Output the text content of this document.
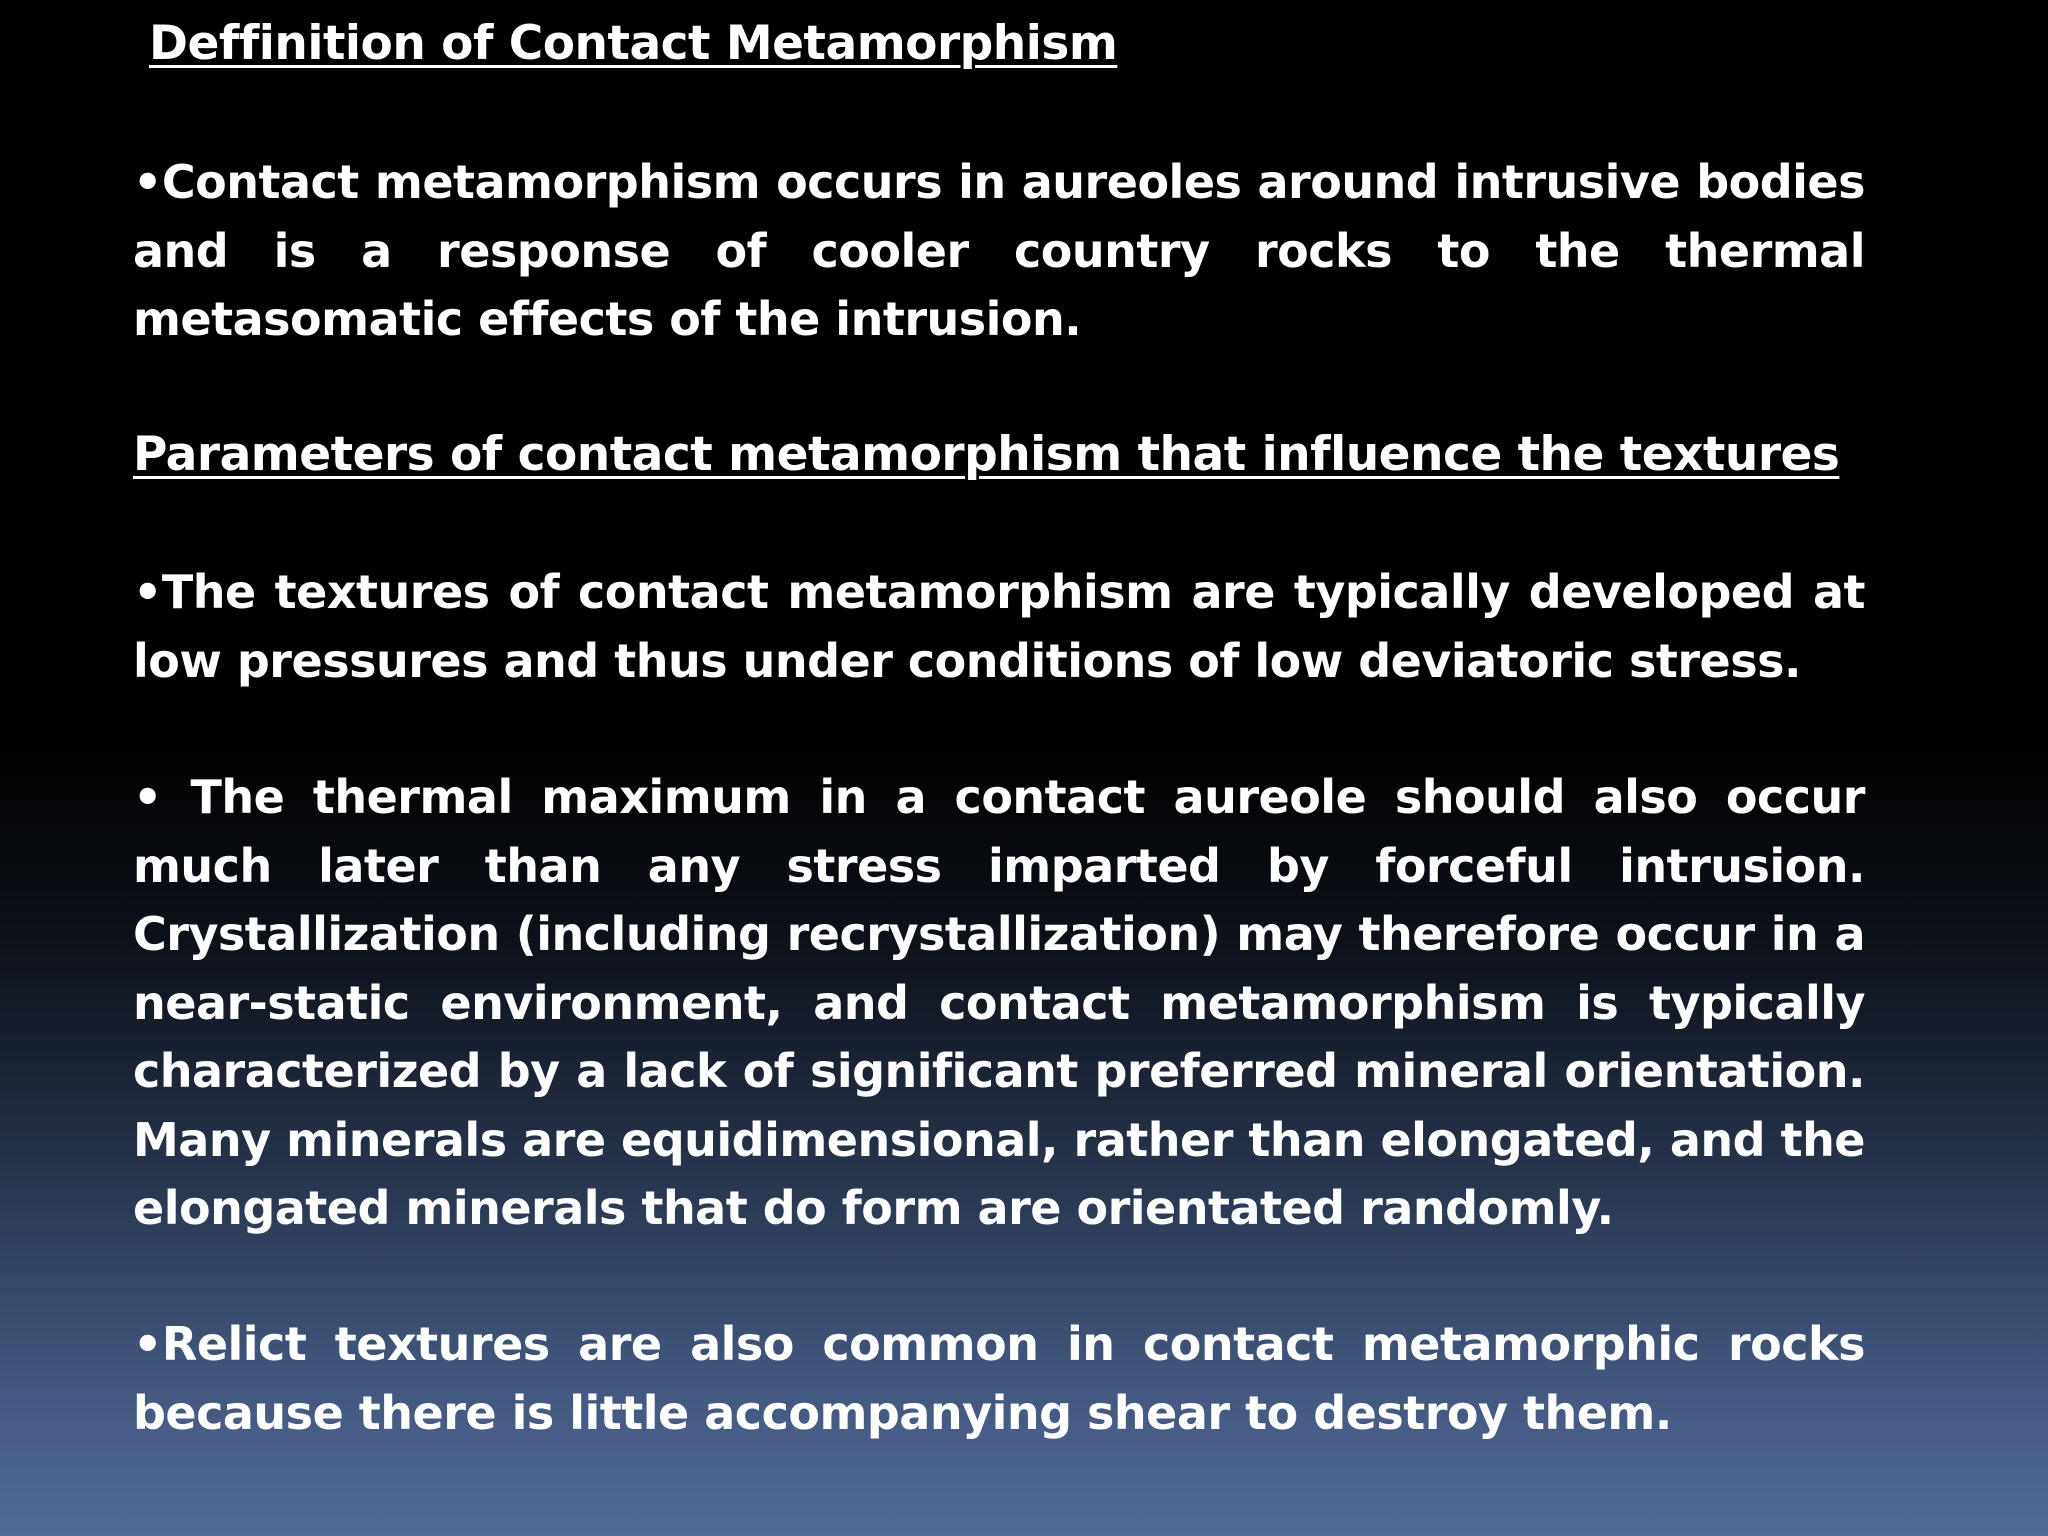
Deffinition of Contact Metamorphism
•Contact metamorphism occurs in aureoles around intrusive bodies and is a response of cooler country rocks to the thermal metasomatic effects of the intrusion.
Parameters of contact metamorphism that influence the textures
•The textures of contact metamorphism are typically developed at low pressures and thus under conditions of low deviatoric stress.
• The thermal maximum in a contact aureole should also occur much later than any stress imparted by forceful intrusion. Crystallization (including recrystallization) may therefore occur in a near-static environment, and contact metamorphism is typically characterized by a lack of significant preferred mineral orientation. Many minerals are equidimensional, rather than elongated, and the elongated minerals that do form are orientated randomly.
•Relict textures are also common in contact metamorphic rocks because there is little accompanying shear to destroy them.
